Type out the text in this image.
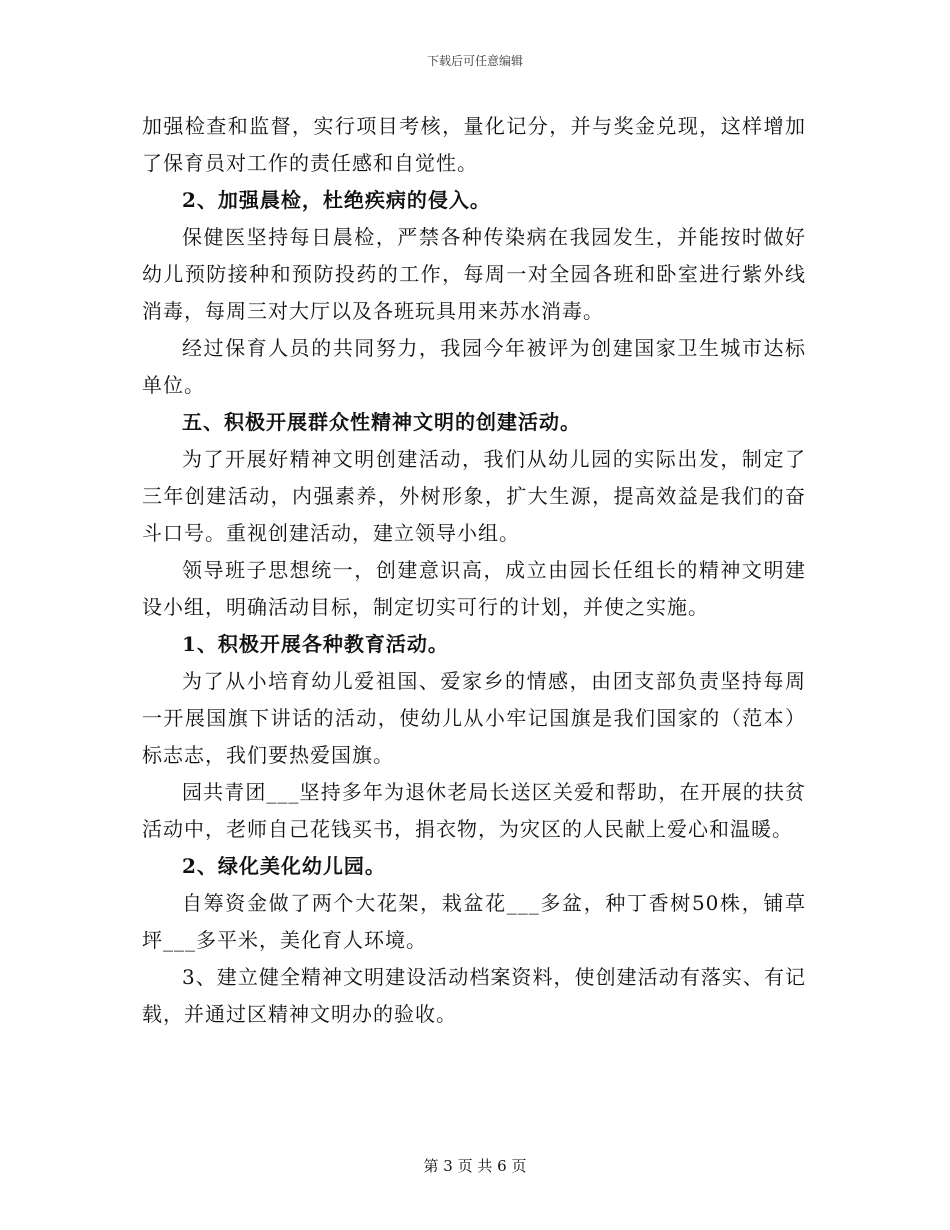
下载后可任意编辑

加强检查和监督，实行项目考核，量化记分，并与奖金兑现，这样增加了保育员对工作的责任感和自觉性。

2、加强晨检，杜绝疾病的侵入。

保健医坚持每日晨检，严禁各种传染病在我园发生，并能按时做好幼儿预防接种和预防投药的工作，每周一对全园各班和卧室进行紫外线消毒，每周三对大厅以及各班玩具用来苏水消毒。

经过保育人员的共同努力，我园今年被评为创建国家卫生城市达标单位。

五、积极开展群众性精神文明的创建活动。

为了开展好精神文明创建活动，我们从幼儿园的实际出发，制定了三年创建活动，内强素养，外树形象，扩大生源，提高效益是我们的奋斗口号。重视创建活动，建立领导小组。

领导班子思想统一，创建意识高，成立由园长任组长的精神文明建设小组，明确活动目标，制定切实可行的计划，并使之实施。

1、积极开展各种教育活动。

为了从小培育幼儿爱祖国、爱家乡的情感，由团支部负责坚持每周一开展国旗下讲话的活动，使幼儿从小牢记国旗是我们国家的（范本）标志志，我们要热爱国旗。

园共青团___坚持多年为退休老局长送区关爱和帮助，在开展的扶贫活动中，老师自己花钱买书，捐衣物，为灾区的人民献上爱心和温暖。

2、绿化美化幼儿园。

自筹资金做了两个大花架，栽盆花___多盆，种丁香树50株，铺草坪___多平米，美化育人环境。

3、建立健全精神文明建设活动档案资料，使创建活动有落实、有记载，并通过区精神文明办的验收。

第 3 页 共 6 页
